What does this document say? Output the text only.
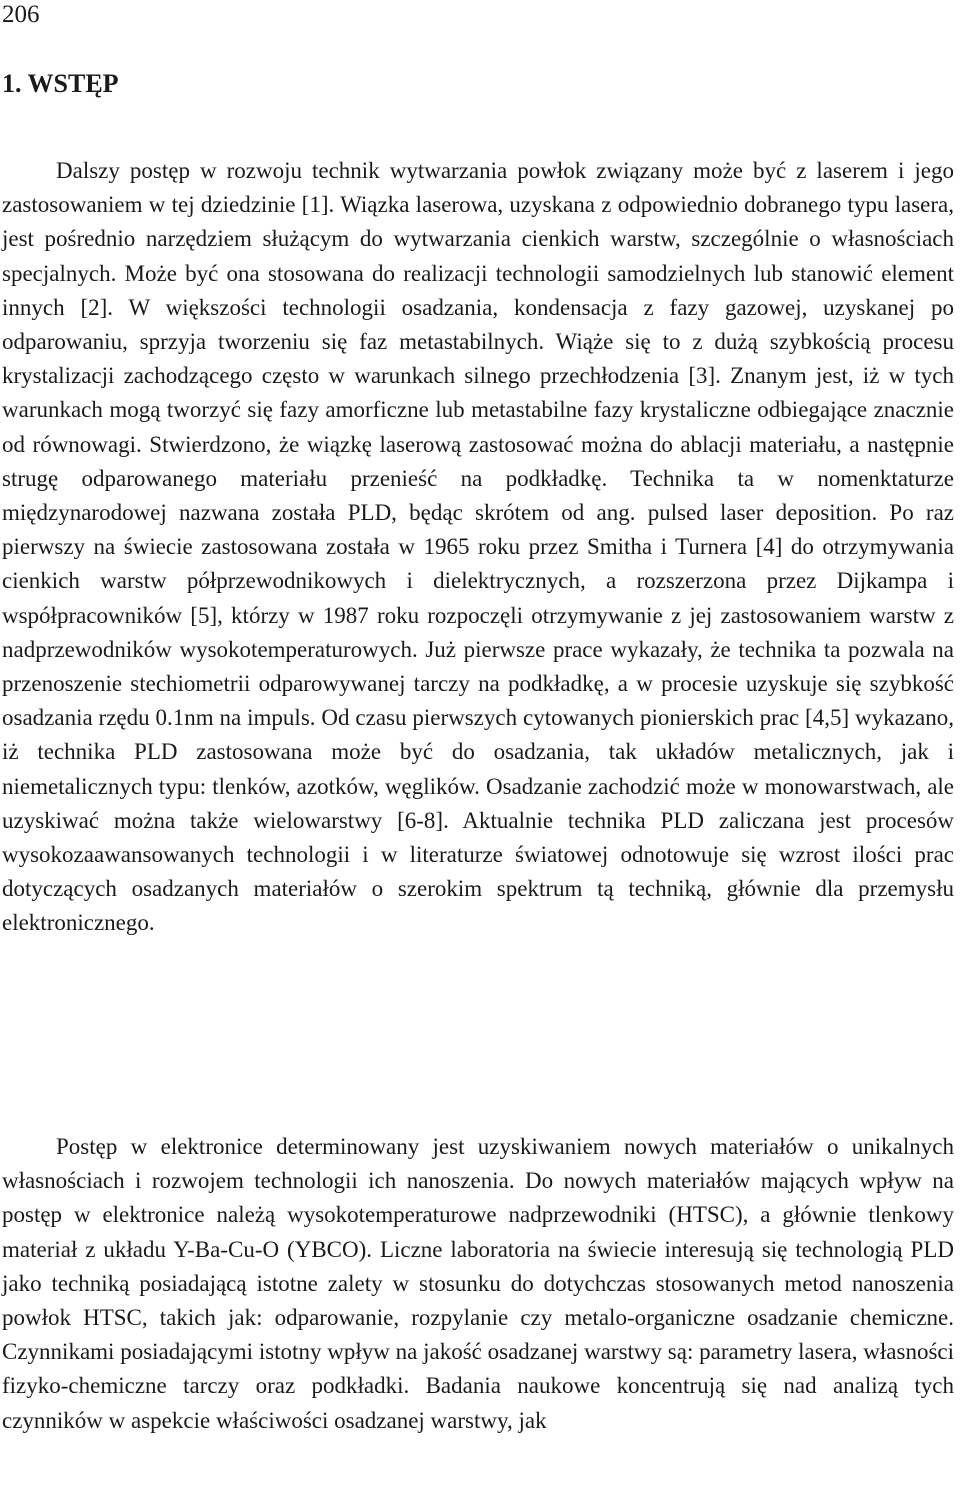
206
1. WSTĘP

Dalszy postęp w rozwoju technik wytwarzania powłok związany może być z laserem i jego zastosowaniem w tej dziedzinie [1]. Wiązka laserowa, uzyskana z odpowiednio dobranego typu lasera, jest pośrednio narzędziem służącym do wytwarzania cienkich warstw, szczególnie o własnościach specjalnych. Może być ona stosowana do realizacji technologii samodzielnych lub stanowić element innych [2]. W większości technologii osadzania, kondensacja z fazy gazowej, uzyskanej po odparowaniu, sprzyja tworzeniu się faz metastabilnych. Wiąże się to z dużą szybkością procesu krystalizacji zachodzącego często w warunkach silnego przechłodzenia [3]. Znanym jest, iż w tych warunkach mogą tworzyć się fazy amorficzne lub metastabilne fazy krystaliczne odbiegające znacznie od równowagi. Stwierdzono, że wiązkę laserową zastosować można do ablacji materiału, a następnie strugę odparowanego materiału przenieść na podkładkę. Technika ta w nomenktaturze międzynarodowej nazwana została PLD, będąc skrótem od ang. pulsed laser deposition. Po raz pierwszy na świecie zastosowana została w 1965 roku przez Smitha i Turnera [4] do otrzymywania cienkich warstw półprzewodnikowych i dielektrycznych, a rozszerzona przez Dijkampa i współpracowników [5], którzy w 1987 roku rozpoczęli otrzymywanie z jej zastosowaniem warstw z nadprzewodników wysokotemperaturowych. Już pierwsze prace wykazały, że technika ta pozwala na przenoszenie stechiometrii odparowywanej tarczy na podkładkę, a w procesie uzyskuje się szybkość osadzania rzędu 0.1nm na impuls. Od czasu pierwszych cytowanych pionierskich prac [4,5] wykazano, iż technika PLD zastosowana może być do osadzania, tak układów metalicznych, jak i niemetalicznych typu: tlenków, azotków, węglików. Osadzanie zachodzić może w monowarstwach, ale uzyskiwać można także wielowarstwy [6-8]. Aktualnie technika PLD zaliczana jest procesów wysokozaawansowanych technologii i w literaturze światowej odnotowuje się wzrost ilości prac dotyczących osadzanych materiałów o szerokim spektrum tą techniką, głównie dla przemysłu elektronicznego.

Postęp w elektronice determinowany jest uzyskiwaniem nowych materiałów o unikalnych własnościach i rozwojem technologii ich nanoszenia. Do nowych materiałów mających wpływ na postęp w elektronice należą wysokotemperaturowe nadprzewodniki (HTSC), a głównie tlenkowy materiał z układu Y-Ba-Cu-O (YBCO). Liczne laboratoria na świecie interesują się technologią PLD jako techniką posiadającą istotne zalety w stosunku do dotychczas stosowanych metod nanoszenia powłok HTSC, takich jak: odparowanie, rozpylanie czy metalo-organiczne osadzanie chemiczne. Czynnikami posiadającymi istotny wpływ na jakość osadzanej warstwy są: parametry lasera, własności fizyko-chemiczne tarczy oraz podkładki. Badania naukowe koncentrują się nad analizą tych czynników w aspekcie właściwości osadzanej warstwy, jak
